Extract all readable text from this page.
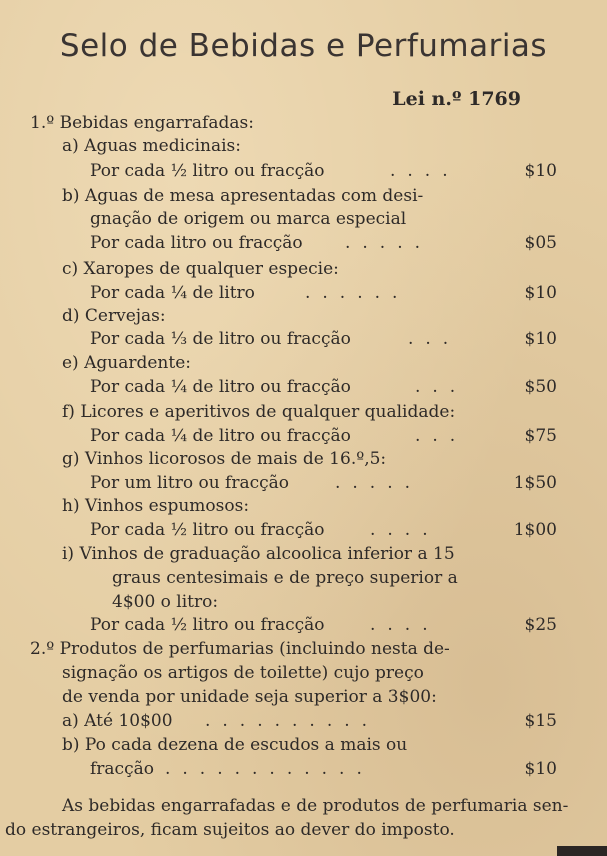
Selo de Bebidas e Perfumarias
Lei n.º 1769
1.º Bebidas engarrafadas:
a) Aguas medicinais:
Por cada ½ litro ou fracção	....	$10
b) Aguas de mesa apresentadas com desi-
gnação de origem ou marca especial
Por cada litro ou fracção .....	$05
c) Xaropes de qualquer especie:
Por cada ¼ de litro	......	$10
d) Cervejas:
Por cada ⅓ de litro ou fracção	...	$10
e) Aguardente:
Por cada ¼ de litro ou fracção	...	$50
f) Licores e aperitivos de qualquer qualidade:
Por cada ¼ de litro ou fracção	...	$75
g) Vinhos licorosos de mais de 16.º,5:
Por um litro ou fracção	.....	1$50
h) Vinhos espumosos:
Por cada ½ litro ou fracção	....	1$00
i) Vinhos de graduação alcoolica inferior a 15
graus centesimais e de preço superior a
4$00 o litro:
Por cada ½ litro ou fracção	....	$25
2.º Produtos de perfumarias (incluindo nesta de-
signação os artigos de toilette) cujo preço
de venda por unidade seja superior a 3$00:
a) Até 10$00 ..........	$15
b) Po cada dezena de escudos a mais ou
fracção ............	$10
As bebidas engarrafadas e de produtos de perfumaria sen-
do estrangeiros, ficam sujeitos ao dever do imposto.
